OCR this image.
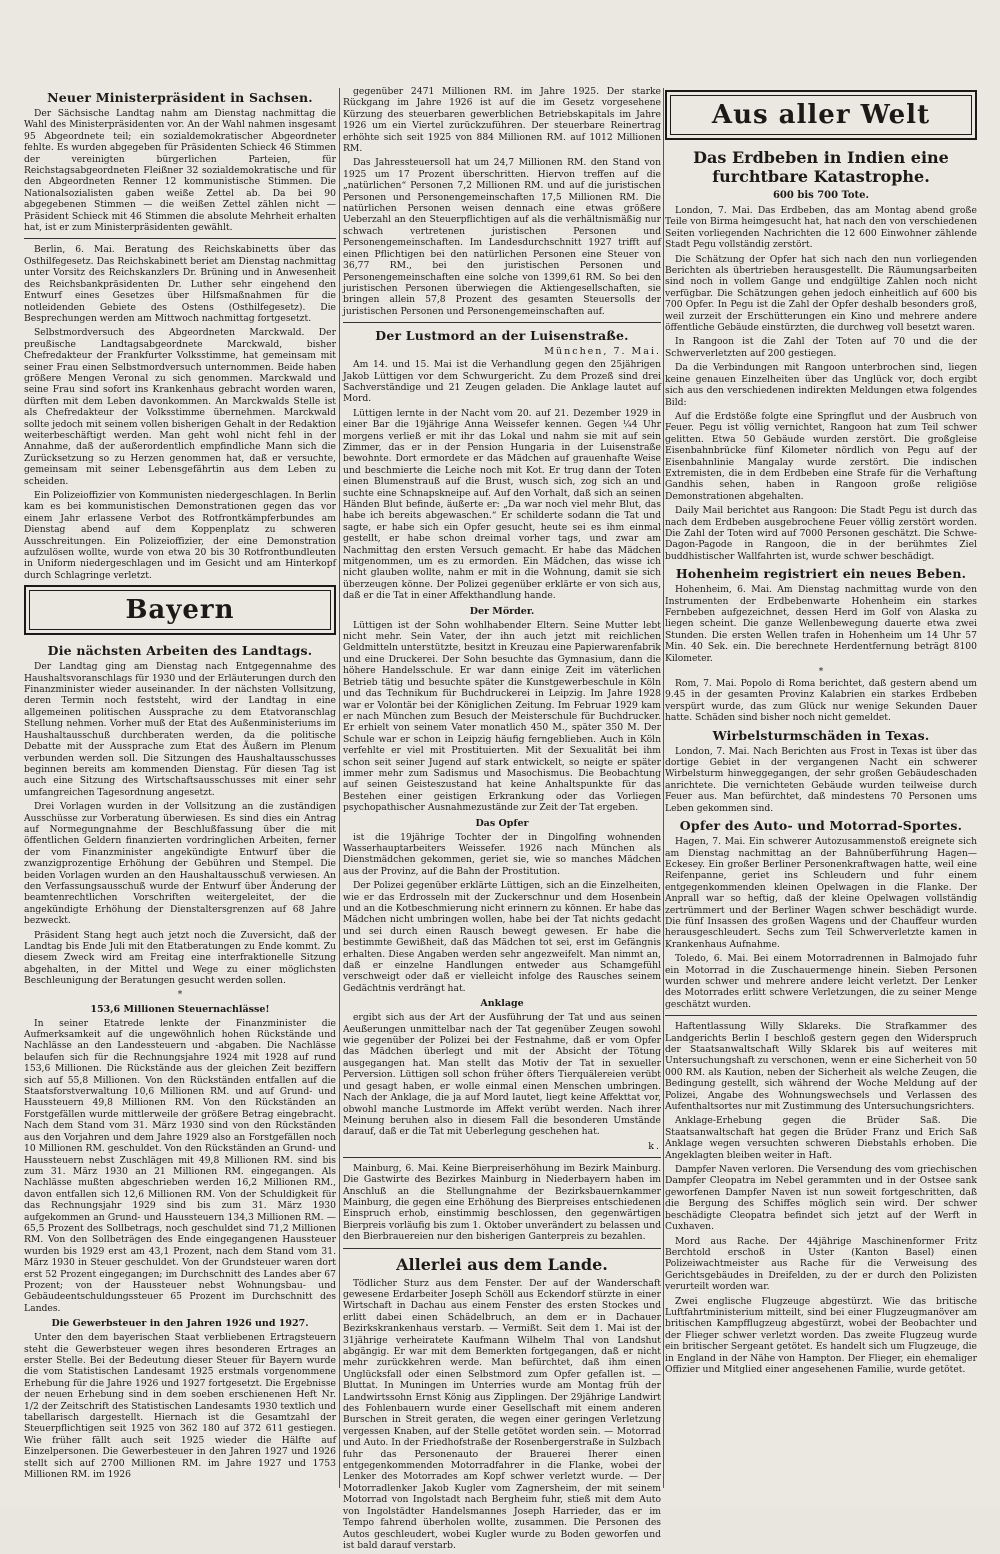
Neuer Ministerpräsident in Sachsen.

Der Sächsische Landtag nahm am Dienstag nachmittag die Wahl des Ministerpräsidenten vor. An der Wahl nahmen insgesamt 95 Abgeordnete teil; ein sozialdemokratischer Abgeordneter fehlte. Es wurden abgegeben für Präsidenten Schieck 46 Stimmen der vereinigten bürgerlichen Parteien, für Reichstagsabgeordneten Fleißner 32 sozialdemokratische und für den Abgeordneten Renner 12 kommunistische Stimmen. Die Nationalsozialisten gaben weiße Zettel ab. Da bei 90 abgegebenen Stimmen — die weißen Zettel zählen nicht — Präsident Schieck mit 46 Stimmen die absolute Mehrheit erhalten hat, ist er zum Ministerpräsidenten gewählt.

Berlin, 6. Mai. Beratung des Reichskabinetts über das Osthilfegesetz. Das Reichskabinett beriet am Dienstag nachmittag unter Vorsitz des Reichskanzlers Dr. Brüning und in Anwesenheit des Reichsbankpräsidenten Dr. Luther sehr eingehend den Entwurf eines Gesetzes über Hilfsmaßnahmen für die notleidenden Gebiete des Ostens (Osthilfegesetz). Die Besprechungen werden am Mittwoch nachmittag fortgesetzt.

Selbstmordversuch des Abgeordneten Marckwald. Der preußische Landtagsabgeordnete Marckwald, bisher Chefredakteur der Frankfurter Volksstimme, hat gemeinsam mit seiner Frau einen Selbstmordversuch unternommen. Beide haben größere Mengen Veronal zu sich genommen. Marckwald und seine Frau sind sofort ins Krankenhaus gebracht worden waren, dürften mit dem Leben davonkommen. An Marckwalds Stelle ist als Chefredakteur der Volksstimme übernehmen. Marckwald sollte jedoch mit seinem vollen bisherigen Gehalt in der Redaktion weiterbeschäftigt werden. Man geht wohl nicht fehl in der Annahme, daß der außerordentlich empfindliche Mann sich die Zurücksetzung so zu Herzen genommen hat, daß er versuchte, gemeinsam mit seiner Lebensgefährtin aus dem Leben zu scheiden.

Ein Polizeioffizier von Kommunisten niedergeschlagen. In Berlin kam es bei kommunistischen Demonstrationen gegen das vor einem Jahr erlassene Verbot des Rotfrontkämpferbundes am Dienstag abend auf dem Koppenplatz zu schweren Ausschreitungen. Ein Polizeioffizier, der eine Demonstration aufzulösen wollte, wurde von etwa 20 bis 30 Rotfrontbundleuten in Uniform niedergeschlagen und im Gesicht und am Hinterkopf durch Schlagringe verletzt.

Bayern
Die nächsten Arbeiten des Landtags.

Der Landtag ging am Dienstag nach Entgegennahme des Haushaltsvoranschlags für 1930 und der Erläuterungen durch den Finanzminister wieder auseinander. In der nächsten Vollsitzung, deren Termin noch feststeht, wird der Landtag in eine allgemeinen politischen Aussprache zu dem Etatvoranschlag Stellung nehmen. Vorher muß der Etat des Außenministeriums im Haushaltausschuß durchberaten werden, da die politische Debatte mit der Aussprache zum Etat des Äußern im Plenum verbunden werden soll. Die Sitzungen des Haushaltausschusses beginnen bereits am kommenden Dienstag. Für diesen Tag ist auch eine Sitzung des Wirtschaftsausschusses mit einer sehr umfangreichen Tagesordnung angesetzt.

Drei Vorlagen wurden in der Vollsitzung an die zuständigen Ausschüsse zur Vorberatung überwiesen. Es sind dies ein Antrag auf Normegungnahme der Beschlußfassung über die mit öffentlichen Geldern finanzierten vordringlichen Arbeiten, ferner der vom Finanzminister angekündigte Entwurf über die zwanzigprozentige Erhöhung der Gebühren und Stempel. Die beiden Vorlagen wurden an den Haushaltausschuß verwiesen. An den Verfassungsausschuß wurde der Entwurf über Änderung der beamtenrechtlichen Vorschriften weitergeleitet, der die angekündigte Erhöhung der Dienstaltersgrenzen auf 68 Jahre bezweckt.

Präsident Stang hegt auch jetzt noch die Zuversicht, daß der Landtag bis Ende Juli mit den Etatberatungen zu Ende kommt. Zu diesem Zweck wird am Freitag eine interfraktionelle Sitzung abgehalten, in der Mittel und Wege zu einer möglichsten Beschleunigung der Beratungen gesucht werden sollen.

*
153,6 Millionen Steuernachlässe!

In seiner Etatrede lenkte der Finanzminister die Aufmerksamkeit auf die ungewöhnlich hohen Rückstände und Nachlässe an den Landessteuern und -abgaben. Die Nachlässe belaufen sich für die Rechnungsjahre 1924 mit 1928 auf rund 153,6 Millionen. Die Rückstände aus der gleichen Zeit beziffern sich auf 55,8 Millionen. Von den Rückständen entfallen auf die Staatsforstverwaltung 10,6 Millionen RM. und auf Grund- und Haussteuern 49,8 Millionen RM. Von den Rückständen an Forstgefällen wurde mittlerweile der größere Betrag eingebracht. Nach dem Stand vom 31. März 1930 sind von den Rückständen aus den Vorjahren und dem Jahre 1929 also an Forstgefällen noch 10 Millionen RM. geschuldet. Von den Rückständen an Grund- und Haussteuern nebst Zuschlägen mit 49,8 Millionen RM. sind bis zum 31. März 1930 an 21 Millionen RM. eingegangen. Als Nachlässe mußten abgeschrieben werden 16,2 Millionen RM., davon entfallen sich 12,6 Millionen RM. Von der Schuldigkeit für das Rechnungsjahr 1929 sind bis zum 31. März 1930 aufgekommen an Grund- und Haussteuern 134,3 Millionen RM. — 65,5 Prozent des Sollbetrags, noch geschuldet sind 71,2 Millionen RM. Von den Sollbeträgen des Ende eingegangenen Haussteuer wurden bis 1929 erst am 43,1 Prozent, nach dem Stand vom 31. März 1930 in Steuer geschuldet. Von der Grundsteuer waren dort erst 52 Prozent eingegangen; im Durchschnitt des Landes aber 67 Prozent; von der Haussteuer nebst Wohnungsbau- und Gebäudeentschuldungssteuer 65 Prozent im Durchschnitt des Landes.

Die Gewerbsteuer in den Jahren 1926 und 1927.

Unter den dem bayerischen Staat verbliebenen Ertragsteuern steht die Gewerbsteuer wegen ihres besonderen Ertrages an erster Stelle. Bei der Bedeutung dieser Steuer für Bayern wurde die vom Statistischen Landesamt 1925 erstmals vorgenommene Erhebung für die Jahre 1926 und 1927 fortgesetzt. Die Ergebnisse der neuen Erhebung sind in dem soeben erschienenen Heft Nr. 1/2 der Zeitschrift des Statistischen Landesamts 1930 textlich und tabellarisch dargestellt. Hiernach ist die Gesamtzahl der Steuerpflichtigen seit 1925 von 362 180 auf 372 611 gestiegen. Wie früher fällt auch seit 1925 wieder die Hälfte auf Einzelpersonen. Die Gewerbesteuer in den Jahren 1927 und 1926 stellt sich auf 2700 Millionen RM. im Jahre 1927 und 1753 Millionen RM. im 1926

gegenüber 2471 Millionen RM. im Jahre 1925. Der starke Rückgang im Jahre 1926 ist auf die im Gesetz vorgesehene Kürzung des steuerbaren gewerblichen Betriebskapitals im Jahre 1926 um ein Viertel zurückzuführen. Der steuerbare Reinertrag erhöhte sich seit 1925 von 884 Millionen RM. auf 1012 Millionen RM.

Das Jahressteuersoll hat um 24,7 Millionen RM. den Stand von 1925 um 17 Prozent überschritten. Hiervon treffen auf die „natürlichen“ Personen 7,2 Millionen RM. und auf die juristischen Personen und Personengemeinschaften 17,5 Millionen RM. Die natürlichen Personen weisen dennach eine etwas größere Ueberzahl an den Steuerpflichtigen auf als die verhältnismäßig nur schwach vertretenen juristischen Personen und Personengemeinschaften. Im Landesdurchschnitt 1927 trifft auf einen Pflichtigen bei den natürlichen Personen eine Steuer von 36,77 RM., bei den juristischen Personen und Personengemeinschaften eine solche von 1399,61 RM. So bei den juristischen Personen überwiegen die Aktiengesellschaften, sie bringen allein 57,8 Prozent des gesamten Steuersolls der juristischen Personen und Personengemeinschaften auf.

Der Lustmord an der Luisenstraße.
München, 7. Mai.

Am 14. und 15. Mai ist die Verhandlung gegen den 25jährigen Jakob Lüttigen vor dem Schwurgericht. Zu dem Prozeß sind drei Sachverständige und 21 Zeugen geladen. Die Anklage lautet auf Mord.

Lüttigen lernte in der Nacht vom 20. auf 21. Dezember 1929 in einer Bar die 19jährige Anna Weissefer kennen. Gegen ¼4 Uhr morgens verließ er mit ihr das Lokal und nahm sie mit auf sein Zimmer, das er in der Pension Hungaria in der Luisenstraße bewohnte. Dort ermordete er das Mädchen auf grauenhafte Weise und beschmierte die Leiche noch mit Kot. Er trug dann der Toten einen Blumenstrauß auf die Brust, wusch sich, zog sich an und suchte eine Schnapskneipe auf. Auf den Vorhalt, daß sich an seinen Händen Blut befinde, äußerte er: „Da war noch viel mehr Blut, das habe ich bereits abgewaschen.“ Er schilderte sodann die Tat und sagte, er habe sich ein Opfer gesucht, heute sei es ihm einmal gestellt, er habe schon dreimal vorher tags, und zwar am Nachmittag den ersten Versuch gemacht. Er habe das Mädchen mitgenommen, um es zu ermorden. Ein Mädchen, das wisse ich nicht glauben wollte, nahm er mit in die Wohnung, damit sie sich überzeugen könne. Der Polizei gegenüber erklärte er von sich aus, daß er die Tat in einer Affekthandlung hande.

Der Mörder.

Lüttigen ist der Sohn wohlhabender Eltern. Seine Mutter lebt nicht mehr. Sein Vater, der ihn auch jetzt mit reichlichen Geldmitteln unterstützte, besitzt in Kreuzau eine Papierwarenfabrik und eine Druckerei. Der Sohn besuchte das Gymnasium, dann die höhere Handelsschule. Er war dann einige Zeit im väterlichen Betrieb tätig und besuchte später die Kunstgewerbeschule in Köln und das Technikum für Buchdruckerei in Leipzig. Im Jahre 1928 war er Volontär bei der Königlichen Zeitung. Im Februar 1929 kam er nach München zum Besuch der Meisterschule für Buchdrucker. Er erhielt von seinem Vater monatlich 450 M., später 350 M. Der Schule war er schon in Leipzig häufig ferngeblieben. Auch in Köln verfehlte er viel mit Prostituierten. Mit der Sexualität bei ihm schon seit seiner Jugend auf stark entwickelt, so neigte er später immer mehr zum Sadismus und Masochismus. Die Beobachtung auf seinen Geisteszustand hat keine Anhaltspunkte für das Bestehen einer geistigen Erkrankung oder das Vorliegen psychopathischer Ausnahmezustände zur Zeit der Tat ergeben.

Das Opfer

ist die 19jährige Tochter der in Dingolfing wohnenden Wasserhauptarbeiters Weissefer. 1926 nach München als Dienstmädchen gekommen, geriet sie, wie so manches Mädchen aus der Provinz, auf die Bahn der Prostitution.

Der Polizei gegenüber erklärte Lüttigen, sich an die Einzelheiten, wie er das Erdrosseln mit der Zuckerschnur und dem Hosenbein und an die Kotbeschmierung nicht erinnern zu können. Er habe das Mädchen nicht umbringen wollen, habe bei der Tat nichts gedacht und sei durch einen Rausch bewegt gewesen. Er habe die bestimmte Gewißheit, daß das Mädchen tot sei, erst im Gefängnis erhalten. Diese Angaben werden sehr angezweifelt. Man nimmt an, daß er einzelne Handlungen entweder aus Schamgefühl verschweigt oder daß er vielleicht infolge des Rausches seinem Gedächtnis verdrängt hat.

Anklage

ergibt sich aus der Art der Ausführung der Tat und aus seinen Aeußerungen unmittelbar nach der Tat gegenüber Zeugen sowohl wie gegenüber der Polizei bei der Festnahme, daß er vom Opfer das Mädchen überlegt und mit der Absicht der Tötung ausgegangen hat. Man stellt das Motiv der Tat in sexueller Perversion. Lüttigen soll schon früher öfters Tierquälereien verübt und gesagt haben, er wolle einmal einen Menschen umbringen. Nach der Anklage, die ja auf Mord lautet, liegt keine Affekttat vor, obwohl manche Lustmorde im Affekt verübt werden. Nach ihrer Meinung beruhen also in diesem Fall die besonderen Umstände darauf, daß er die Tat mit Ueberlegung geschehen hat.

k.

Mainburg, 6. Mai. Keine Bierpreiserhöhung im Bezirk Mainburg. Die Gastwirte des Bezirkes Mainburg in Niederbayern haben im Anschluß an die Stellungnahme der Bezirksbauernkammer Mainburg, die gegen eine Erhöhung des Bierpreises entschiedenen Einspruch erhob, einstimmig beschlossen, den gegenwärtigen Bierpreis vorläufig bis zum 1. Oktober unverändert zu belassen und den Bierbrauereien nur den bisherigen Ganterpreis zu bezahlen.

Allerlei aus dem Lande.

Tödlicher Sturz aus dem Fenster. Der auf der Wanderschaft gewesene Erdarbeiter Joseph Schöll aus Eckendorf stürzte in einer Wirtschaft in Dachau aus einem Fenster des ersten Stockes und erlitt dabei einen Schädelbruch, an dem er in Dachauer Bezirkskrankenhaus verstarb. — Vermißt. Seit dem 1. Mai ist der 31jährige verheiratete Kaufmann Wilhelm Thal von Landshut abgängig. Er war mit dem Bemerkten fortgegangen, daß er nicht mehr zurückkehren werde. Man befürchtet, daß ihm einen Unglücksfall oder einen Selbstmord zum Opfer gefallen ist. — Bluttat. In Muningen im Unterries wurde am Montag früh der Landwirtssohn Ernst König aus Zipplingen. Der 29jährige Landwirt des Fohlenbauern wurde einer Gesellschaft mit einem anderen Burschen in Streit geraten, die wegen einer geringen Verletzung vergessen Knaben, auf der Stelle getötet worden sein. — Motorrad und Auto. In der Friedhofstraße der Rosenbergerstraße in Sulzbach fuhr das Personenauto der Brauerei Iherer einen entgegenkommenden Motorradfahrer in die Flanke, wobei der Lenker des Motorrades am Kopf schwer verletzt wurde. — Der Motorradlenker Jakob Kugler vom Zagnersheim, der mit seinem Motorrad von Ingolstadt nach Bergheim fuhr, stieß mit dem Auto von Ingolstädter Handelsmannes Joseph Harrieder, das er im Tempo fahrend überholen wollte, zusammen. Die Personen des Autos geschleudert, wobei Kugler wurde zu Boden geworfen und ist bald darauf verstarb.

Aus aller Welt
Das Erdbeben in Indien eine furchtbare Katastrophe.
600 bis 700 Tote.

London, 7. Mai. Das Erdbeben, das am Montag abend große Teile von Birma heimgesucht hat, hat nach den von verschiedenen Seiten vorliegenden Nachrichten die 12 600 Einwohner zählende Stadt Pegu vollständig zerstört.

Die Schätzung der Opfer hat sich nach den nun vorliegenden Berichten als übertrieben herausgestellt. Die Räumungsarbeiten sind noch in vollem Gange und endgültige Zahlen noch nicht verfügbar. Die Schätzungen gehen jedoch einheitlich auf 600 bis 700 Opfer. In Pegu ist die Zahl der Opfer deshalb besonders groß, weil zurzeit der Erschütterungen ein Kino und mehrere andere öffentliche Gebäude einstürzten, die durchweg voll besetzt waren.

In Rangoon ist die Zahl der Toten auf 70 und die der Schwerverletzten auf 200 gestiegen.

Da die Verbindungen mit Rangoon unterbrochen sind, liegen keine genauen Einzelheiten über das Unglück vor, doch ergibt sich aus den verschiedenen indirekten Meldungen etwa folgendes Bild:

Auf die Erdstöße folgte eine Springflut und der Ausbruch von Feuer. Pegu ist völlig vernichtet, Rangoon hat zum Teil schwer gelitten. Etwa 50 Gebäude wurden zerstört. Die großgleise Eisenbahnbrücke fünf Kilometer nördlich von Pegu auf der Eisenbahnlinie Mangalay wurde zerstört. Die indischen Extremisten, die in dem Erdbeben eine Strafe für die Verhaftung Gandhis sehen, haben in Rangoon große religiöse Demonstrationen abgehalten.

Daily Mail berichtet aus Rangoon: Die Stadt Pegu ist durch das nach dem Erdbeben ausgebrochene Feuer völlig zerstört worden. Die Zahl der Toten wird auf 7000 Personen geschätzt. Die Schwe-Dagon-Pagode in Rangoon, die in der berühmtes Ziel buddhistischer Wallfahrten ist, wurde schwer beschädigt.

Hohenheim registriert ein neues Beben.

Hohenheim, 6. Mai. Am Dienstag nachmittag wurde von den Instrumenten der Erdbebenwarte Hohenheim ein starkes Fernbeben aufgezeichnet, dessen Herd im Golf von Alaska zu liegen scheint. Die ganze Wellenbewegung dauerte etwa zwei Stunden. Die ersten Wellen trafen in Hohenheim um 14 Uhr 57 Min. 40 Sek. ein. Die berechnete Herdentfernung beträgt 8100 Kilometer.

*

Rom, 7. Mai. Popolo di Roma berichtet, daß gestern abend um 9.45 in der gesamten Provinz Kalabrien ein starkes Erdbeben verspürt wurde, das zum Glück nur wenige Sekunden Dauer hatte. Schäden sind bisher noch nicht gemeldet.

Wirbelsturmschäden in Texas.

London, 7. Mai. Nach Berichten aus Frost in Texas ist über das dortige Gebiet in der vergangenen Nacht ein schwerer Wirbelsturm hinweggegangen, der sehr großen Gebäudeschaden anrichtete. Die vernichteten Gebäude wurden teilweise durch Feuer aus. Man befürchtet, daß mindestens 70 Personen ums Leben gekommen sind.

Opfer des Auto- und Motorrad-Sportes.

Hagen, 7. Mai. Ein schwerer Autozusammenstoß ereignete sich am Dienstag nachmittag an der Bahnüberführung Hagen—Eckesey. Ein großer Berliner Personenkraftwagen hatte, weil eine Reifenpanne, geriet ins Schleudern und fuhr einem entgegenkommenden kleinen Opelwagen in die Flanke. Der Anprall war so heftig, daß der kleine Opelwagen vollständig zertrümmert und der Berliner Wagen schwer beschädigt wurde. Die fünf Insassen des großen Wagens und der Chauffeur wurden herausgeschleudert. Sechs zum Teil Schwerverletzte kamen in Krankenhaus Aufnahme.

Toledo, 6. Mai. Bei einem Motorradrennen in Balmojado fuhr ein Motorrad in die Zuschauermenge hinein. Sieben Personen wurden schwer und mehrere andere leicht verletzt. Der Lenker des Motorrades erlitt schwere Verletzungen, die zu seiner Menge geschätzt wurden.

Haftentlassung Willy Sklareks. Die Strafkammer des Landgerichts Berlin I beschloß gestern gegen den Widerspruch der Staatsanwaltschaft Willy Sklarek bis auf weiteres mit Untersuchungshaft zu verschonen, wenn er eine Sicherheit von 50 000 RM. als Kaution, neben der Sicherheit als welche Zeugen, die Bedingung gestellt, sich während der Woche Meldung auf der Polizei, Angabe des Wohnungswechsels und Verlassen des Aufenthaltsortes nur mit Zustimmung des Untersuchungsrichters.

Anklage-Erhebung gegen die Brüder Saß. Die Staatsanwaltschaft hat gegen die Brüder Franz und Erich Saß Anklage wegen versuchten schweren Diebstahls erhoben. Die Angeklagten bleiben weiter in Haft.

Dampfer Naven verloren. Die Versendung des vom griechischen Dampfer Cleopatra im Nebel gerammten und in der Ostsee sank geworfenen Dampfer Naven ist nun soweit fortgeschritten, daß die Bergung des Schiffes möglich sein wird. Der schwer beschädigte Cleopatra befindet sich jetzt auf der Werft in Cuxhaven.

Mord aus Rache. Der 44jährige Maschinenformer Fritz Berchtold erschoß in Uster (Kanton Basel) einen Polizeiwachtmeister aus Rache für die Verweisung des Gerichtsgebäudes in Dreifelden, zu der er durch den Polizisten verurteilt worden war.

Zwei englische Flugzeuge abgestürzt. Wie das britische Luftfahrtministerium mitteilt, sind bei einer Flugzeugmanöver am britischen Kampfflugzeug abgestürzt, wobei der Beobachter und der Flieger schwer verletzt worden. Das zweite Flugzeug wurde ein britischer Sergeant getötet. Es handelt sich um Flugzeuge, die in England in der Nähe von Hampton. Der Flieger, ein ehemaliger Offizier und Mitglied einer angesehenen Familie, wurde getötet.
